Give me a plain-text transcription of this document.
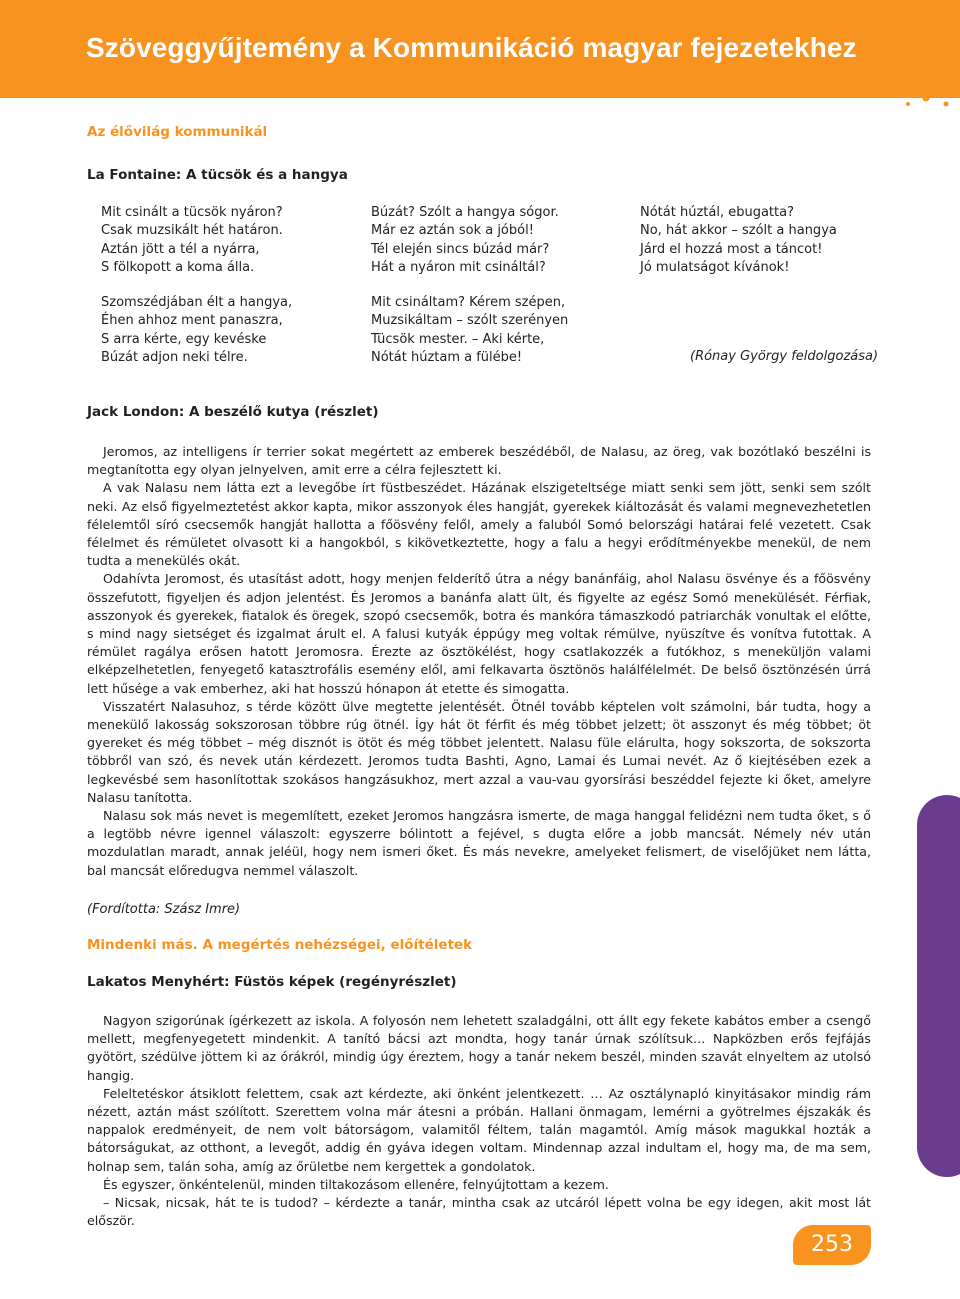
Szöveggyűjtemény a Kommunikáció magyar fejezetekhez
Az élővilág kommunikál
La Fontaine: A tücsök és a hangya
Mit csinált a tücsök nyáron?
Csak muzsikált hét határon.
Aztán jött a tél a nyárra,
S fölkopott a koma álla.
Szomszédjában élt a hangya,
Éhen ahhoz ment panaszra,
S arra kérte, egy kevéske
Búzát adjon neki télre.
Búzát? Szólt a hangya sógor.
Már ez aztán sok a jóból!
Tél elején sincs búzád már?
Hát a nyáron mit csináltál?
Mit csináltam? Kérem szépen,
Muzsikáltam – szólt szerényen
Tücsök mester. – Aki kérte,
Nótát húztam a fülébe!
Nótát húztál, ebugatta?
No, hát akkor – szólt a hangya
Járd el hozzá most a táncot!
Jó mulatságot kívánok!
(Rónay György feldolgozása)
Jack London: A beszélő kutya (részlet)

Jeromos, az intelligens ír terrier sokat megértett az emberek beszédéből, de Nalasu, az öreg, vak bozótlakó beszélni is megtanította egy olyan jelnyelven, amit erre a célra fejlesztett ki.

A vak Nalasu nem látta ezt a levegőbe írt füstbeszédet. Házának elszigeteltsége miatt senki sem jött, senki sem szólt neki. Az első figyelmeztetést akkor kapta, mikor asszonyok éles hangját, gyerekek kiáltozását és valami megnevezhetetlen félelemtől síró csecsemők hangját hallotta a főösvény felől, amely a faluból Somó belországi határai felé vezetett. Csak félelmet és rémületet olvasott ki a hangokból, s kikövetkeztette, hogy a falu a hegyi erődítményekbe menekül, de nem tudta a menekülés okát.

Odahívta Jeromost, és utasítást adott, hogy menjen felderítő útra a négy banánfáig, ahol Nalasu ösvénye és a főösvény összefutott, figyeljen és adjon jelentést. És Jeromos a banánfa alatt ült, és figyelte az egész Somó menekülését. Férfiak, asszonyok és gyerekek, fiatalok és öregek, szopó csecsemők, botra és mankóra támaszkodó patriarchák vonultak el előtte, s mind nagy sietséget és izgalmat árult el. A falusi kutyák éppúgy meg voltak rémülve, nyüszítve és vonítva futottak. A rémület ragálya erősen hatott Jeromosra. Érezte az ösztökélést, hogy csatlakozzék a futókhoz, s meneküljön valami elképzelhetetlen, fenyegető katasztrofális esemény elől, ami felkavarta ösztönös halálfélelmét. De belső ösztönzésén úrrá lett hűsége a vak emberhez, aki hat hosszú hónapon át etette és simogatta.

Visszatért Nalasuhoz, s térde között ülve megtette jelentését. Ötnél tovább képtelen volt számolni, bár tudta, hogy a menekülő lakosság sokszorosan többre rúg ötnél. Így hát öt férfit és még többet jelzett; öt asszonyt és még többet; öt gyereket és még többet – még disznót is ötöt és még többet jelentett. Nalasu füle elárulta, hogy sokszorta, de sokszorta többről van szó, és nevek után kérdezett. Jeromos tudta Bashti, Agno, Lamai és Lumai nevét. Az ő kiejtésében ezek a legkevésbé sem hasonlítottak szokásos hangzásukhoz, mert azzal a vau-vau gyorsírási beszéddel fejezte ki őket, amelyre Nalasu tanította.

Nalasu sok más nevet is megemlített, ezeket Jeromos hangzásra ismerte, de maga hanggal felidézni nem tudta őket, s ő a legtöbb névre igennel válaszolt: egyszerre bólintott a fejével, s dugta előre a jobb mancsát. Némely név után mozdulatlan maradt, annak jeléül, hogy nem ismeri őket. És más nevekre, amelyeket felismert, de viselőjüket nem látta, bal mancsát előredugva nemmel válaszolt.

(Fordította: Szász Imre)
Mindenki más. A megértés nehézségei, előítéletek
Lakatos Menyhért: Füstös képek (regényrészlet)

Nagyon szigorúnak ígérkezett az iskola. A folyosón nem lehetett szaladgálni, ott állt egy fekete kabátos ember a csengő mellett, megfenyegetett mindenkit. A tanító bácsi azt mondta, hogy tanár úrnak szólítsuk… Napközben erős fejfájás gyötört, szédülve jöttem ki az órákról, mindig úgy éreztem, hogy a tanár nekem beszél, minden szavát elnyeltem az utolsó hangig.

Feleltetéskor átsiklott felettem, csak azt kérdezte, aki önként jelentkezett. … Az osztálynapló kinyitásakor mindig rám nézett, aztán mást szólított. Szerettem volna már átesni a próbán. Hallani önmagam, lemérni a gyötrelmes éjszakák és nappalok eredményeit, de nem volt bátorságom, valamitől féltem, talán magamtól. Amíg mások magukkal hozták a bátorságukat, az otthont, a levegőt, addig én gyáva idegen voltam. Mindennap azzal indultam el, hogy ma, de ma sem, holnap sem, talán soha, amíg az őrületbe nem kergettek a gondolatok.

És egyszer, önkéntelenül, minden tiltakozásom ellenére, felnyújtottam a kezem.

– Nicsak, nicsak, hát te is tudod? – kérdezte a tanár, mintha csak az utcáról lépett volna be egy idegen, akit most lát először.

253
